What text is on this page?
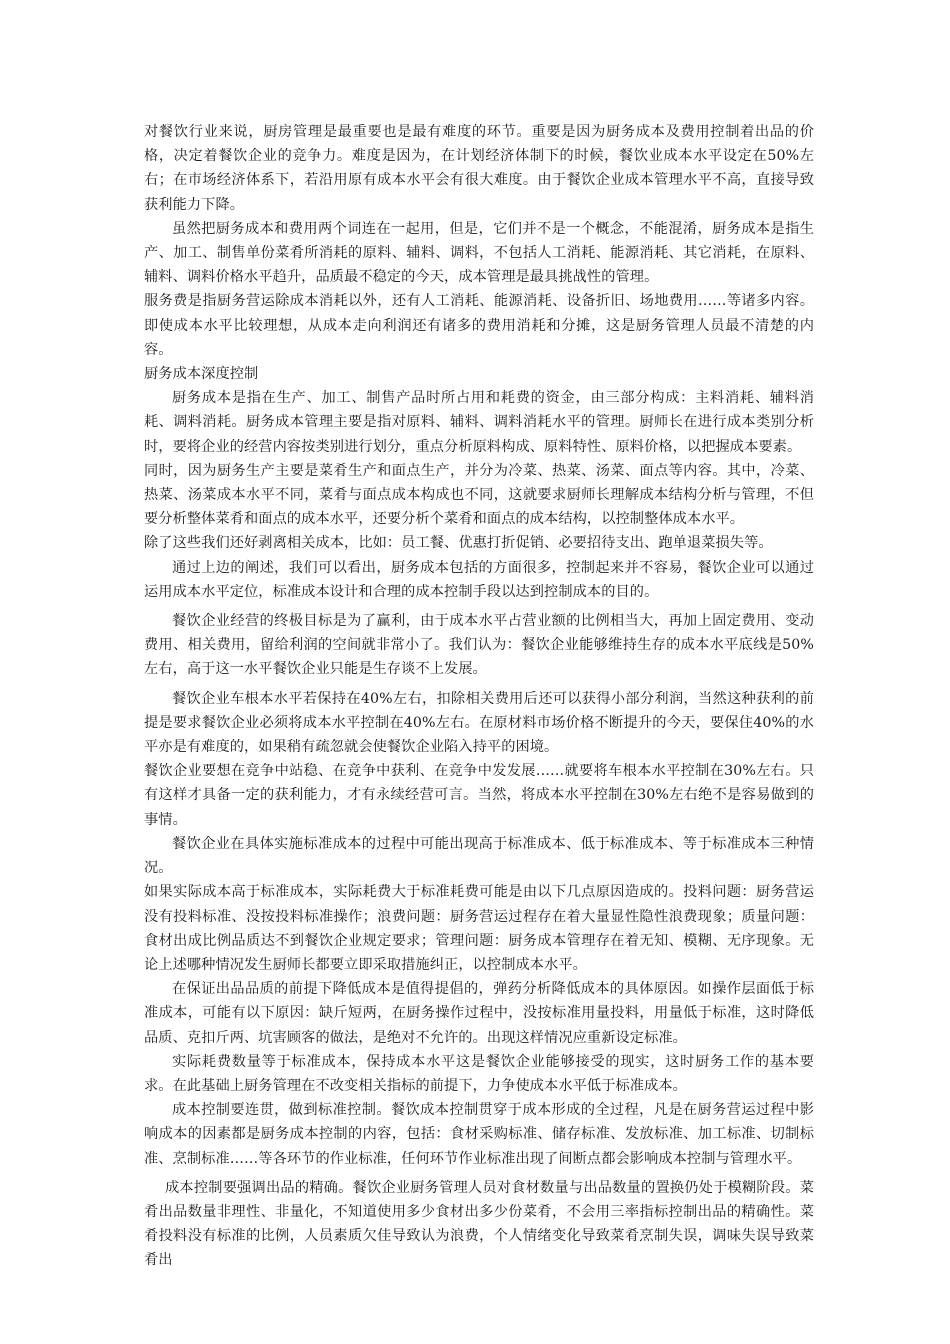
对餐饮行业来说，厨房管理是最重要也是最有难度的环节。重要是因为厨务成本及费用控制着出品的价格，决定着餐饮企业的竞争力。难度是因为，在计划经济体制下的时候，餐饮业成本水平设定在50%左右；在市场经济体系下，若沿用原有成本水平会有很大难度。由于餐饮企业成本管理水平不高，直接导致获利能力下降。

虽然把厨务成本和费用两个词连在一起用，但是，它们并不是一个概念，不能混淆，厨务成本是指生产、加工、制售单份菜肴所消耗的原料、辅料、调料，不包括人工消耗、能源消耗、其它消耗，在原料、辅料、调料价格水平趋升，品质最不稳定的今天，成本管理是最具挑战性的管理。

服务费是指厨务营运除成本消耗以外，还有人工消耗、能源消耗、设备折旧、场地费用……等诸多内容。即使成本水平比较理想，从成本走向利润还有诸多的费用消耗和分摊，这是厨务管理人员最不清楚的内容。

厨务成本深度控制

厨务成本是指在生产、加工、制售产品时所占用和耗费的资金，由三部分构成：主料消耗、辅料消耗、调料消耗。厨务成本管理主要是指对原料、辅料、调料消耗水平的管理。厨师长在进行成本类别分析时，要将企业的经营内容按类别进行划分，重点分析原料构成、原料特性、原料价格，以把握成本要素。

同时，因为厨务生产主要是菜肴生产和面点生产，并分为冷菜、热菜、汤菜、面点等内容。其中，冷菜、热菜、汤菜成本水平不同，菜肴与面点成本构成也不同，这就要求厨师长理解成本结构分析与管理，不但要分析整体菜肴和面点的成本水平，还要分析个菜肴和面点的成本结构，以控制整体成本水平。

除了这些我们还好剥离相关成本，比如：员工餐、优惠打折促销、必要招待支出、跑单退菜损失等。

通过上边的阐述，我们可以看出，厨务成本包括的方面很多，控制起来并不容易，餐饮企业可以通过运用成本水平定位，标准成本设计和合理的成本控制手段以达到控制成本的目的。

餐饮企业经营的终极目标是为了赢利，由于成本水平占营业额的比例相当大，再加上固定费用、变动费用、相关费用，留给利润的空间就非常小了。我们认为：餐饮企业能够维持生存的成本水平底线是50%左右，高于这一水平餐饮企业只能是生存谈不上发展。

餐饮企业车根本水平若保持在40%左右，扣除相关费用后还可以获得小部分利润，当然这种获利的前提是要求餐饮企业必须将成本水平控制在40%左右。在原材料市场价格不断提升的今天，要保住40%的水平亦是有难度的，如果稍有疏忽就会使餐饮企业陷入持平的困境。

餐饮企业要想在竞争中站稳、在竞争中获利、在竞争中发发展……就要将车根本水平控制在30%左右。只有这样才具备一定的获利能力，才有永续经营可言。当然，将成本水平控制在30%左右绝不是容易做到的事情。

餐饮企业在具体实施标准成本的过程中可能出现高于标准成本、低于标准成本、等于标准成本三种情况。

如果实际成本高于标准成本，实际耗费大于标准耗费可能是由以下几点原因造成的。投料问题：厨务营运没有投料标准、没按投料标准操作；浪费问题：厨务营运过程存在着大量显性隐性浪费现象；质量问题：食材出成比例品质达不到餐饮企业规定要求；管理问题：厨务成本管理存在着无知、模糊、无序现象。无论上述哪种情况发生厨师长都要立即采取措施纠正，以控制成本水平。

在保证出品品质的前提下降低成本是值得提倡的，弹药分析降低成本的具体原因。如操作层面低于标准成本，可能有以下原因：缺斤短两，在厨务操作过程中，没按标准用量投料，用量低于标准，这时降低品质、克扣斤两、坑害顾客的做法，是绝对不允许的。出现这样情况应重新设定标准。

实际耗费数量等于标准成本，保持成本水平这是餐饮企业能够接受的现实，这时厨务工作的基本要求。在此基础上厨务管理在不改变相关指标的前提下，力争使成本水平低于标准成本。

成本控制要连贯，做到标准控制。餐饮成本控制贯穿于成本形成的全过程，凡是在厨务营运过程中影响成本的因素都是厨务成本控制的内容，包括：食材采购标准、储存标准、发放标准、加工标准、切制标准、烹制标准……等各环节的作业标准，任何环节作业标准出现了间断点都会影响成本控制与管理水平。

成本控制要强调出品的精确。餐饮企业厨务管理人员对食材数量与出品数量的置换仍处于模糊阶段。菜肴出品数量非理性、非量化，不知道使用多少食材出多少份菜肴，不会用三率指标控制出品的精确性。菜肴投料没有标准的比例，人员素质欠佳导致认为浪费，个人情绪变化导致菜肴烹制失误，调味失误导致菜肴出
